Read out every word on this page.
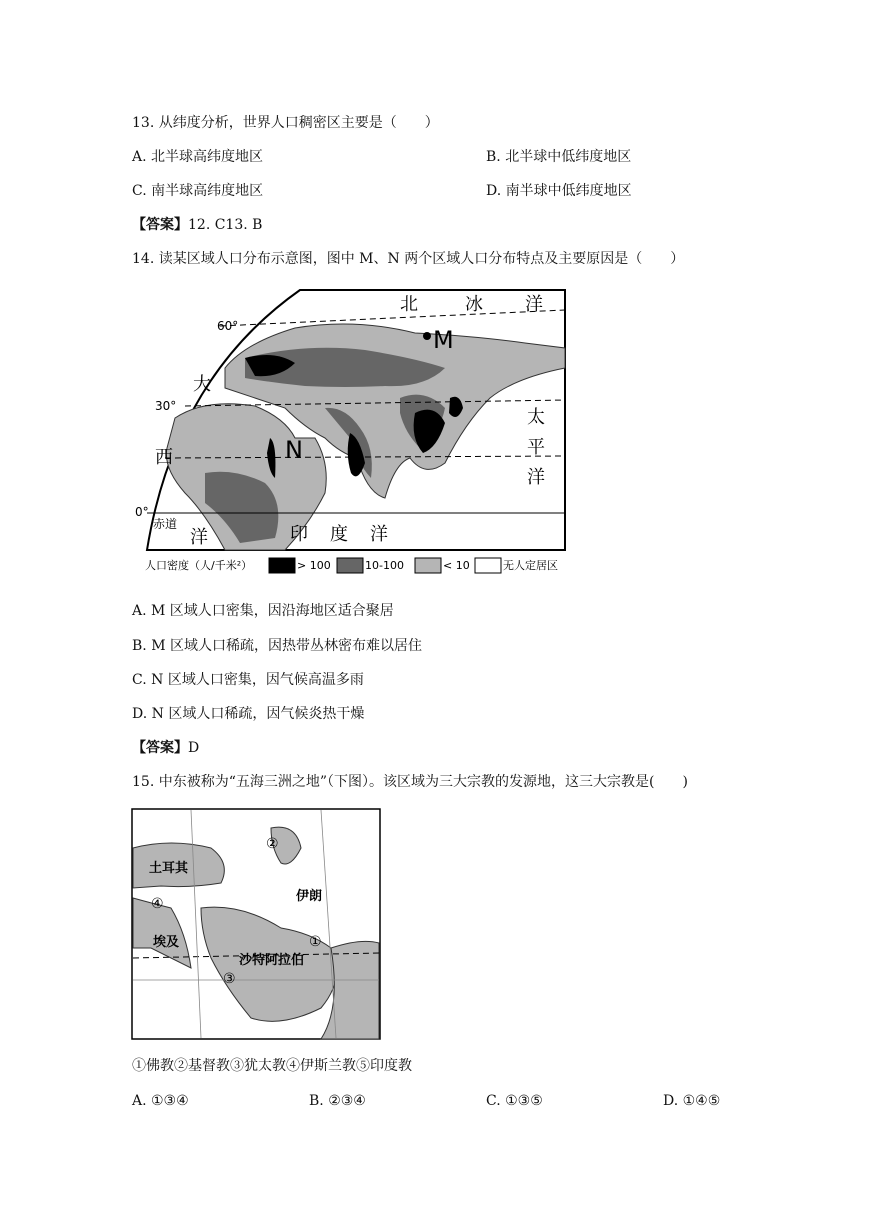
13. 从纬度分析，世界人口稠密区主要是（　　）
A. 北半球高纬度地区	B. 北半球中低纬度地区
C. 南半球高纬度地区	D. 南半球中低纬度地区
【答案】12. C13. B
14. 读某区域人口分布示意图，图中 M、N 两个区域人口分布特点及主要原因是（　　）
60°
30°
0°
赤道
北	冰 洋
大
西
洋
太
平
洋
印 度 洋
M
N
人口密度（人/千米²）	> 100	10-100	< 10	无人定居区
A. M 区域人口密集，因沿海地区适合聚居
B. M 区域人口稀疏，因热带丛林密布难以居住
C. N 区域人口密集，因气候高温多雨
D. N 区域人口稀疏，因气候炎热干燥
【答案】D
15. 中东被称为“五海三洲之地”（下图）。该区域为三大宗教的发源地，这三大宗教是(　　)
土耳其
伊朗
埃及
沙特阿拉伯
①
②
③
④
①佛教②基督教③犹太教④伊斯兰教⑤印度教
A. ①③④	B. ②③④	C. ①③⑤	D. ①④⑤
